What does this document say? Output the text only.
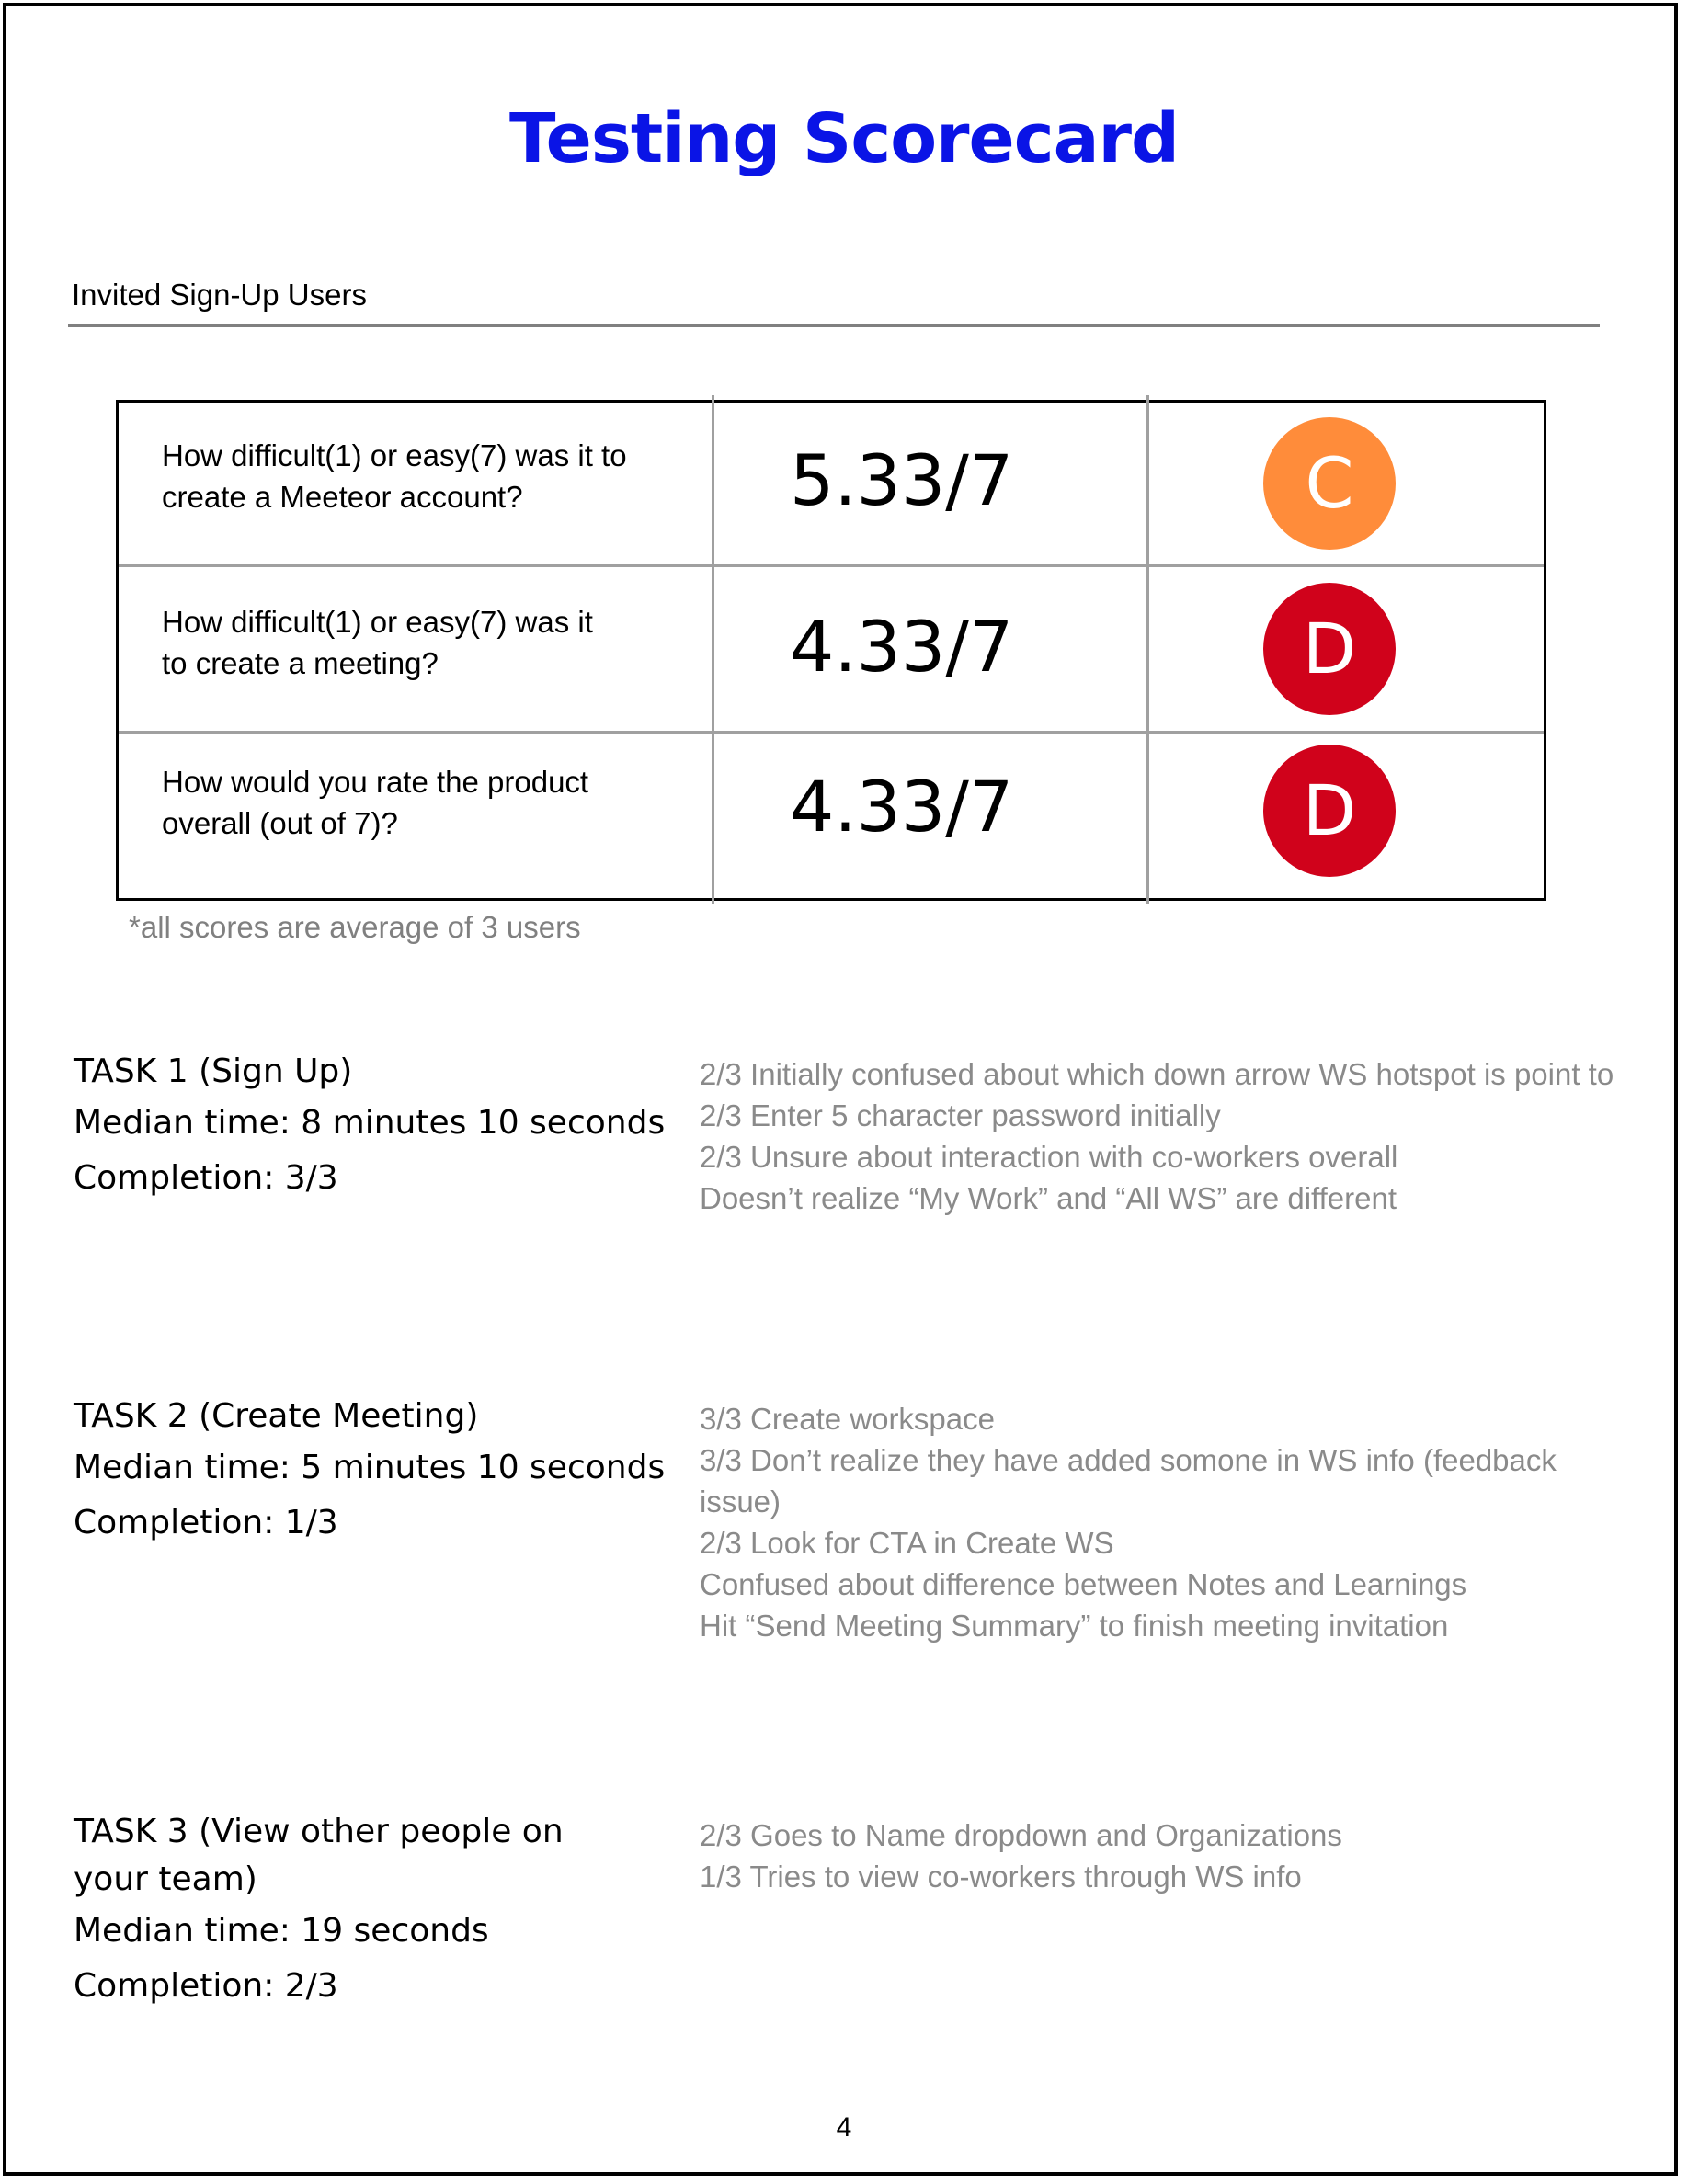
Testing Scorecard
Invited Sign-Up Users
How difficult(1) or easy(7) was it to
create a Meeteor account?	5.33/7	C
How difficult(1) or easy(7) was it
to create a meeting?	4.33/7	D
How would you rate the product
overall (out of 7)?	4.33/7	D
*all scores are average of 3 users
TASK 1 (Sign Up)
Median time: 8 minutes 10 seconds
Completion: 3/3
2/3 Initially confused about which down arrow WS hotspot is point to
2/3 Enter 5 character password initially
2/3 Unsure about interaction with co-workers overall
Doesn’t realize “My Work” and “All WS” are different
TASK 2 (Create Meeting)
Median time: 5 minutes 10 seconds
Completion: 1/3
3/3 Create workspace
3/3 Don’t realize they have added somone in WS info (feedback issue)
2/3 Look for CTA in Create WS
Confused about difference between Notes and Learnings
Hit “Send Meeting Summary” to finish meeting invitation
TASK 3 (View other people on
your team)
Median time: 19 seconds
Completion: 2/3
2/3 Goes to Name dropdown and Organizations
1/3 Tries to view co-workers through WS info
4
